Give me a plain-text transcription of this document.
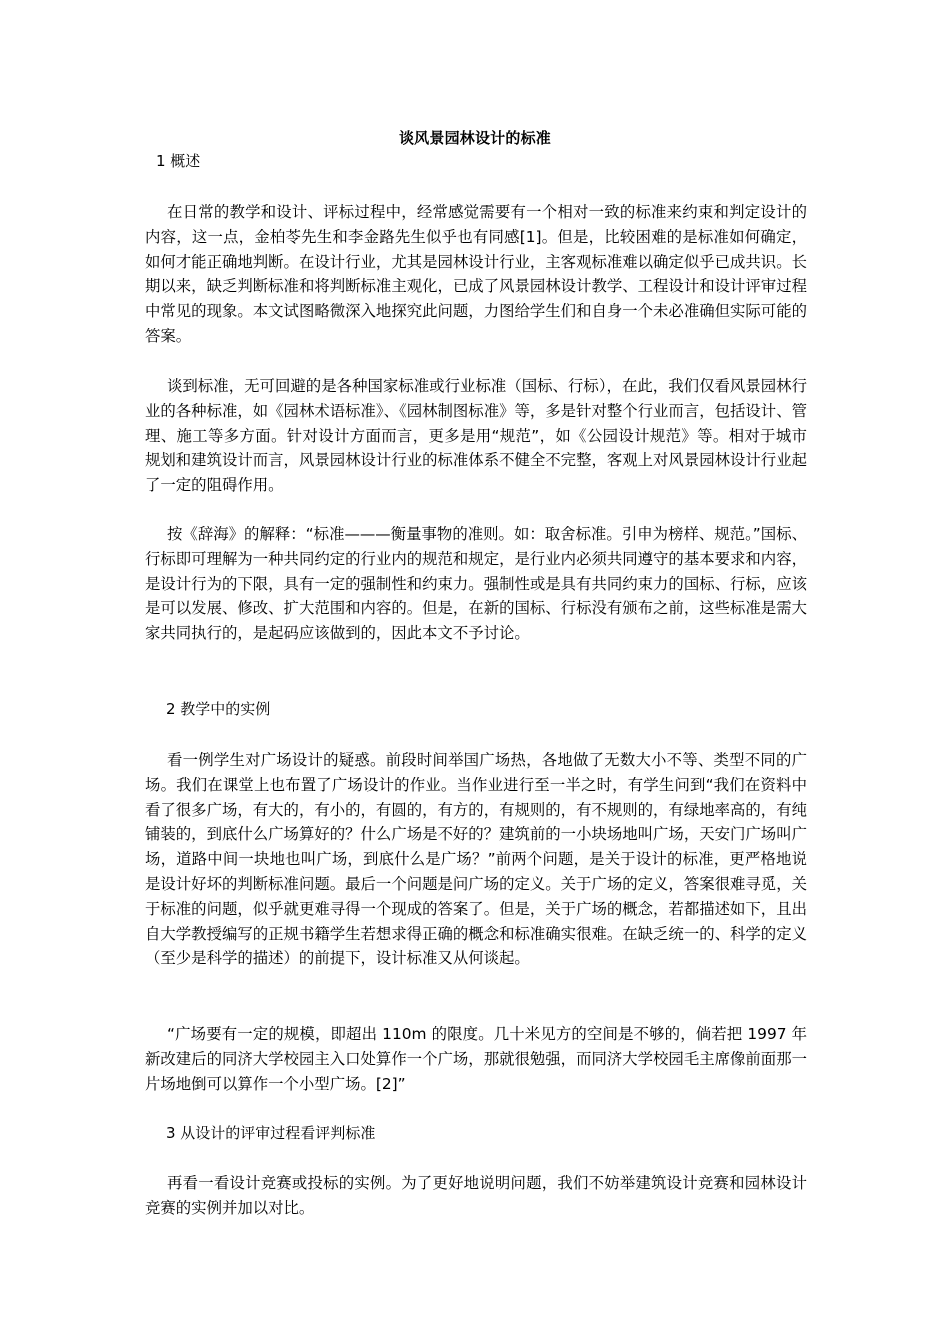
谈风景园林设计的标准
1 概述
在日常的教学和设计、评标过程中，经常感觉需要有一个相对一致的标准来约束和判定设计的内容，这一点，金柏苓先生和李金路先生似乎也有同感[1]。但是，比较困难的是标准如何确定，如何才能正确地判断。在设计行业，尤其是园林设计行业，主客观标准难以确定似乎已成共识。长期以来，缺乏判断标准和将判断标准主观化，已成了风景园林设计教学、工程设计和设计评审过程中常见的现象。本文试图略微深入地探究此问题，力图给学生们和自身一个未必准确但实际可能的答案。
谈到标准，无可回避的是各种国家标准或行业标准（国标、行标），在此，我们仅看风景园林行业的各种标准，如《园林术语标准》、《园林制图标准》等，多是针对整个行业而言，包括设计、管理、施工等多方面。针对设计方面而言，更多是用“规范”，如《公园设计规范》等。相对于城市规划和建筑设计而言，风景园林设计行业的标准体系不健全不完整，客观上对风景园林设计行业起了一定的阻碍作用。
按《辞海》的解释：“标准———衡量事物的准则。如：取舍标准。引申为榜样、规范。”国标、行标即可理解为一种共同约定的行业内的规范和规定，是行业内必须共同遵守的基本要求和内容，是设计行为的下限，具有一定的强制性和约束力。强制性或是具有共同约束力的国标、行标，应该是可以发展、修改、扩大范围和内容的。但是，在新的国标、行标没有颁布之前，这些标准是需大家共同执行的，是起码应该做到的，因此本文不予讨论。
2 教学中的实例
看一例学生对广场设计的疑惑。前段时间举国广场热，各地做了无数大小不等、类型不同的广场。我们在课堂上也布置了广场设计的作业。当作业进行至一半之时，有学生问到“我们在资料中看了很多广场，有大的，有小的，有圆的，有方的，有规则的，有不规则的，有绿地率高的，有纯铺装的，到底什么广场算好的？什么广场是不好的？建筑前的一小块场地叫广场，天安门广场叫广场，道路中间一块地也叫广场，到底什么是广场？”前两个问题，是关于设计的标准，更严格地说是设计好坏的判断标准问题。最后一个问题是问广场的定义。关于广场的定义，答案很难寻觅，关于标准的问题，似乎就更难寻得一个现成的答案了。但是，关于广场的概念，若都描述如下，且出自大学教授编写的正规书籍学生若想求得正确的概念和标准确实很难。在缺乏统一的、科学的定义（至少是科学的描述）的前提下，设计标准又从何谈起。
“广场要有一定的规模，即超出 110m 的限度。几十米见方的空间是不够的，倘若把 1997 年新改建后的同济大学校园主入口处算作一个广场，那就很勉强，而同济大学校园毛主席像前面那一片场地倒可以算作一个小型广场。[2]”
3 从设计的评审过程看评判标准
再看一看设计竞赛或投标的实例。为了更好地说明问题，我们不妨举建筑设计竞赛和园林设计竞赛的实例并加以对比。
